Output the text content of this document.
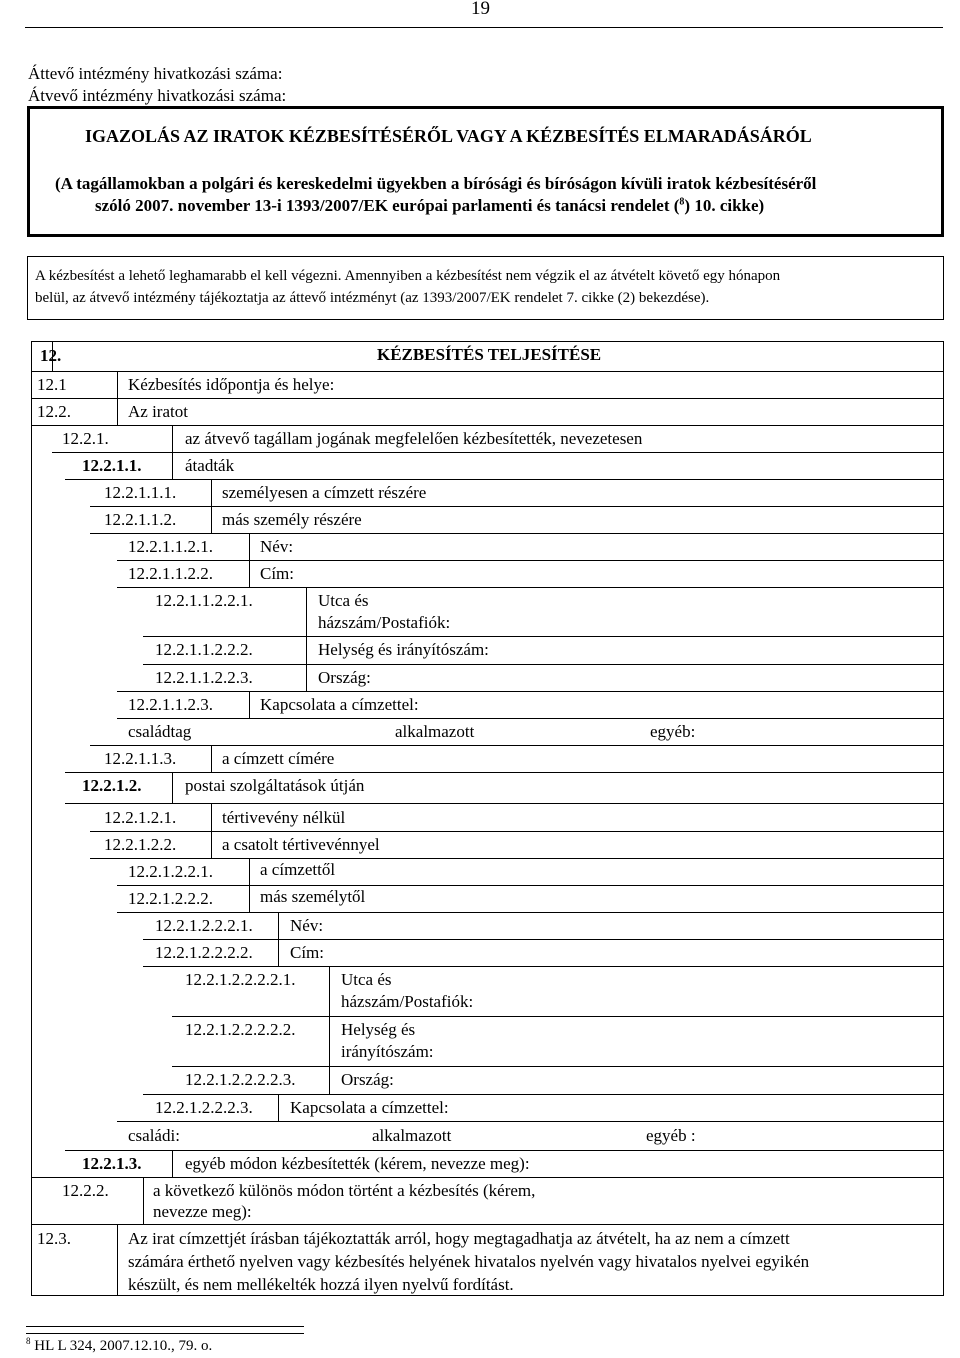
19
Áttevő intézmény hivatkozási száma:
Átvevő intézmény hivatkozási száma:
IGAZOLÁS AZ IRATOK KÉZBESÍTÉSÉRŐL VAGY A KÉZBESÍTÉS ELMARADÁSÁRÓL
(A tagállamokban a polgári és kereskedelmi ügyekben a bírósági és bíróságon kívüli iratok kézbesítéséről
szóló 2007. november 13-i 1393/2007/EK európai parlamenti és tanácsi rendelet ($^8$) 10. cikke)
A kézbesítést a lehető leghamarabb el kell végezni. Amennyiben a kézbesítést nem végzik el az átvételt követő egy hónapon
belül, az átvevő intézmény tájékoztatja az áttevő intézményt (az 1393/2007/EK rendelet 7. cikke (2) bekezdése).
12.	KÉZBESÍTÉS TELJESÍTÉSE
12.1	Kézbesítés időpontja és helye:
12.2.	Az iratot
12.2.1.	az átvevő tagállam jogának megfelelően kézbesítették, nevezetesen
12.2.1.1.	átadták
12.2.1.1.1.	személyesen a címzett részére
12.2.1.1.2.	más személy részére
12.2.1.1.2.1.	Név:
12.2.1.1.2.2.	Cím:
12.2.1.1.2.2.1.	Utca és
házszám/Postafiók:
12.2.1.1.2.2.2.	Helység és irányítószám:
12.2.1.1.2.2.3.	Ország:
12.2.1.1.2.3.	Kapcsolata a címzettel:
családtag	alkalmazott	egyéb:
12.2.1.1.3.	a címzett címére
12.2.1.2.	postai szolgáltatások útján
12.2.1.2.1.	tértivevény nélkül
12.2.1.2.2.	a csatolt tértivevénnyel
12.2.1.2.2.1.	a címzettől
12.2.1.2.2.2.	más személytől
12.2.1.2.2.2.1. Név:
12.2.1.2.2.2.2. Cím:
12.2.1.2.2.2.2.1.	Utca és
házszám/Postafiók:
12.2.1.2.2.2.2.2.	Helység és
irányítószám:
12.2.1.2.2.2.2.3.	Ország:
12.2.1.2.2.2.3. Kapcsolata a címzettel:
családi:	alkalmazott	egyéb :
12.2.1.3.	egyéb módon kézbesítették (kérem, nevezze meg):
12.2.2.	a következő különös módon történt a kézbesítés (kérem,
nevezze meg):
12.3.	Az irat címzettjét írásban tájékoztatták arról, hogy megtagadhatja az átvételt, ha az nem a címzett
számára érthető nyelven vagy kézbesítés helyének hivatalos nyelvén vagy hivatalos nyelvei egyikén
készült, és nem mellékelték hozzá ilyen nyelvű fordítást.
$^8$ HL L 324, 2007.12.10., 79. o.
